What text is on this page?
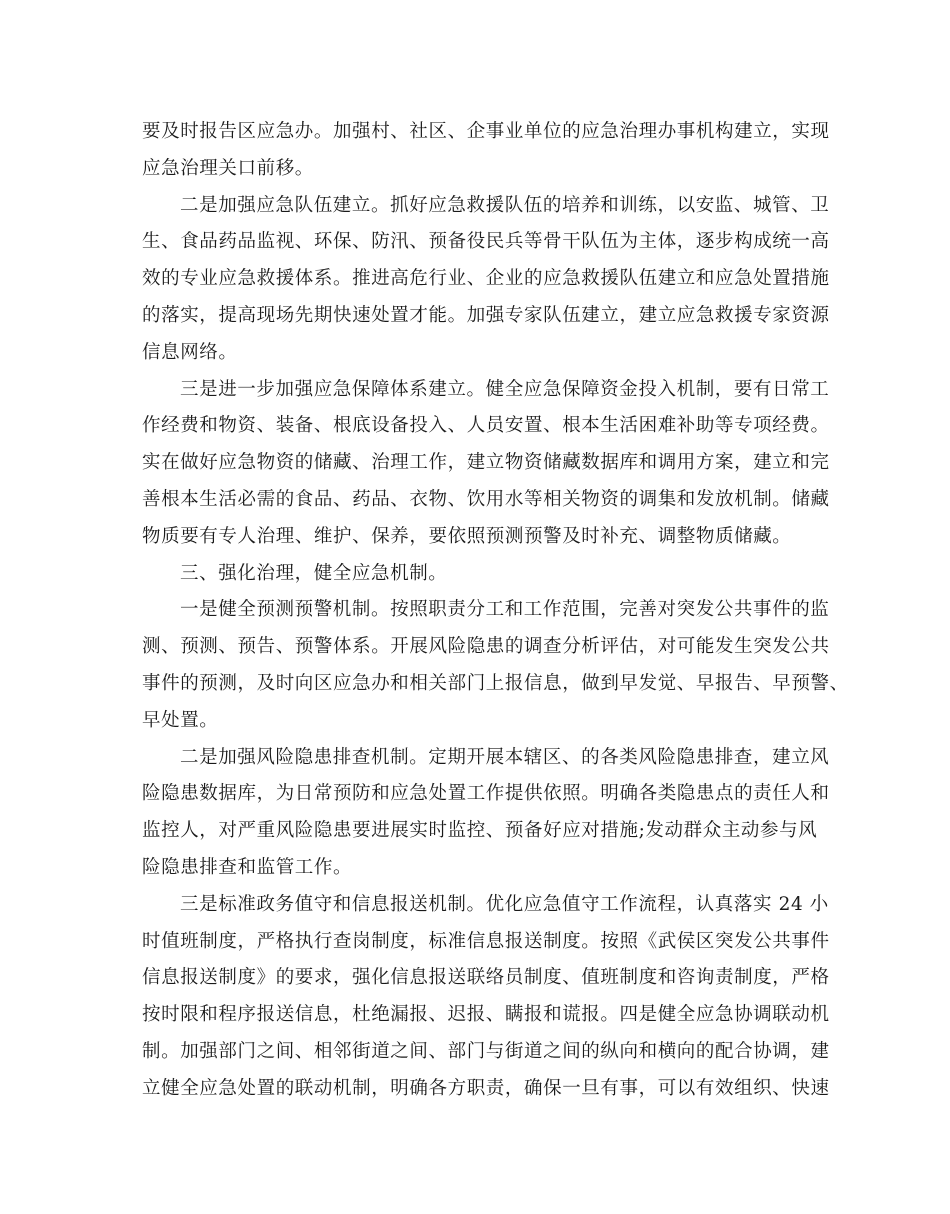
要及时报告区应急办。加强村、社区、企事业单位的应急治理办事机构建立，实现
应急治理关口前移。
二是加强应急队伍建立。抓好应急救援队伍的培养和训练，以安监、城管、卫
生、食品药品监视、环保、防汛、预备役民兵等骨干队伍为主体，逐步构成统一高
效的专业应急救援体系。推进高危行业、企业的应急救援队伍建立和应急处置措施
的落实，提高现场先期快速处置才能。加强专家队伍建立，建立应急救援专家资源
信息网络。
三是进一步加强应急保障体系建立。健全应急保障资金投入机制，要有日常工
作经费和物资、装备、根底设备投入、人员安置、根本生活困难补助等专项经费。
实在做好应急物资的储藏、治理工作，建立物资储藏数据库和调用方案，建立和完
善根本生活必需的食品、药品、衣物、饮用水等相关物资的调集和发放机制。储藏
物质要有专人治理、维护、保养，要依照预测预警及时补充、调整物质储藏。
三、强化治理，健全应急机制。
一是健全预测预警机制。按照职责分工和工作范围，完善对突发公共事件的监
测、预测、预告、预警体系。开展风险隐患的调查分析评估，对可能发生突发公共
事件的预测，及时向区应急办和相关部门上报信息，做到早发觉、早报告、早预警、
早处置。
二是加强风险隐患排查机制。定期开展本辖区、的各类风险隐患排查，建立风
险隐患数据库，为日常预防和应急处置工作提供依照。明确各类隐患点的责任人和
监控人，对严重风险隐患要进展实时监控、预备好应对措施;发动群众主动参与风
险隐患排查和监管工作。
三是标准政务值守和信息报送机制。优化应急值守工作流程，认真落实 24 小
时值班制度，严格执行查岗制度，标准信息报送制度。按照《武侯区突发公共事件
信息报送制度》的要求，强化信息报送联络员制度、值班制度和咨询责制度，严格
按时限和程序报送信息，杜绝漏报、迟报、瞒报和谎报。四是健全应急协调联动机
制。加强部门之间、相邻街道之间、部门与街道之间的纵向和横向的配合协调，建
立健全应急处置的联动机制，明确各方职责，确保一旦有事，可以有效组织、快速
